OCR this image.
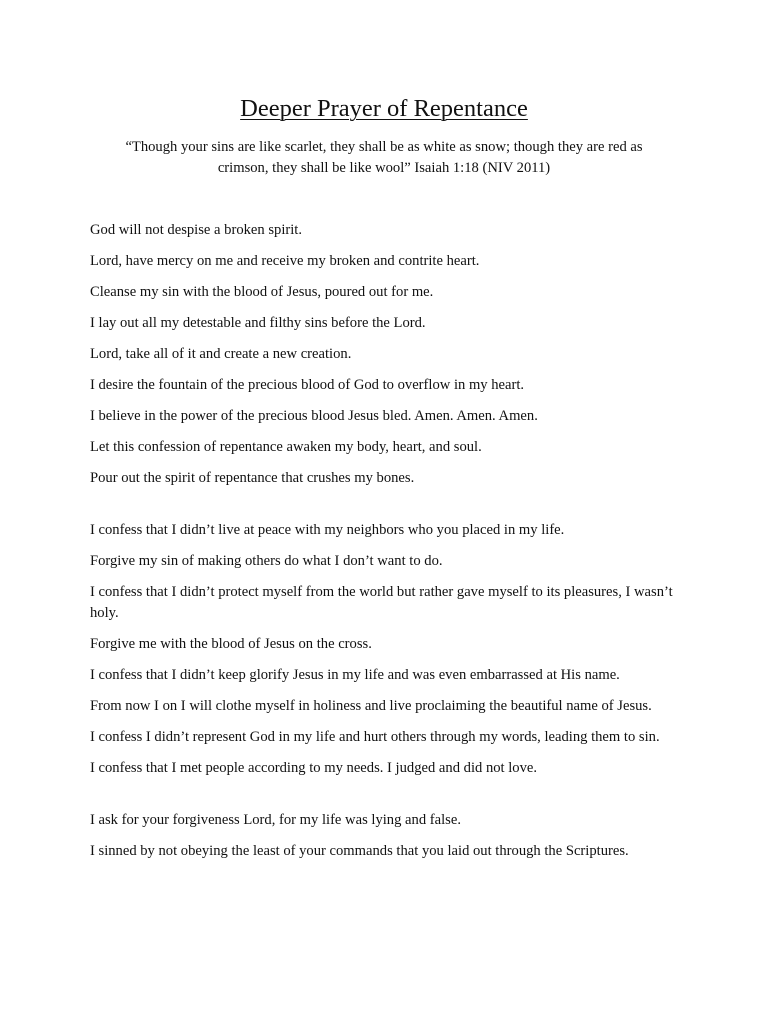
Deeper Prayer of Repentance

“Though your sins are like scarlet, they shall be as white as snow; though they are red as crimson, they shall be like wool” Isaiah 1:18 (NIV 2011)

God will not despise a broken spirit.

Lord, have mercy on me and receive my broken and contrite heart.

Cleanse my sin with the blood of Jesus, poured out for me.

I lay out all my detestable and filthy sins before the Lord.

Lord, take all of it and create a new creation.

I desire the fountain of the precious blood of God to overflow in my heart.

I believe in the power of the precious blood Jesus bled. Amen. Amen. Amen.

Let this confession of repentance awaken my body, heart, and soul.

Pour out the spirit of repentance that crushes my bones.

I confess that I didn’t live at peace with my neighbors who you placed in my life.

Forgive my sin of making others do what I don’t want to do.

I confess that I didn’t protect myself from the world but rather gave myself to its pleasures, I wasn’t holy.

Forgive me with the blood of Jesus on the cross.

I confess that I didn’t keep glorify Jesus in my life and was even embarrassed at His name.

From now I on I will clothe myself in holiness and live proclaiming the beautiful name of Jesus.

I confess I didn’t represent God in my life and hurt others through my words, leading them to sin.

I confess that I met people according to my needs. I judged and did not love.

I ask for your forgiveness Lord, for my life was lying and false.

I sinned by not obeying the least of your commands that you laid out through the Scriptures.
